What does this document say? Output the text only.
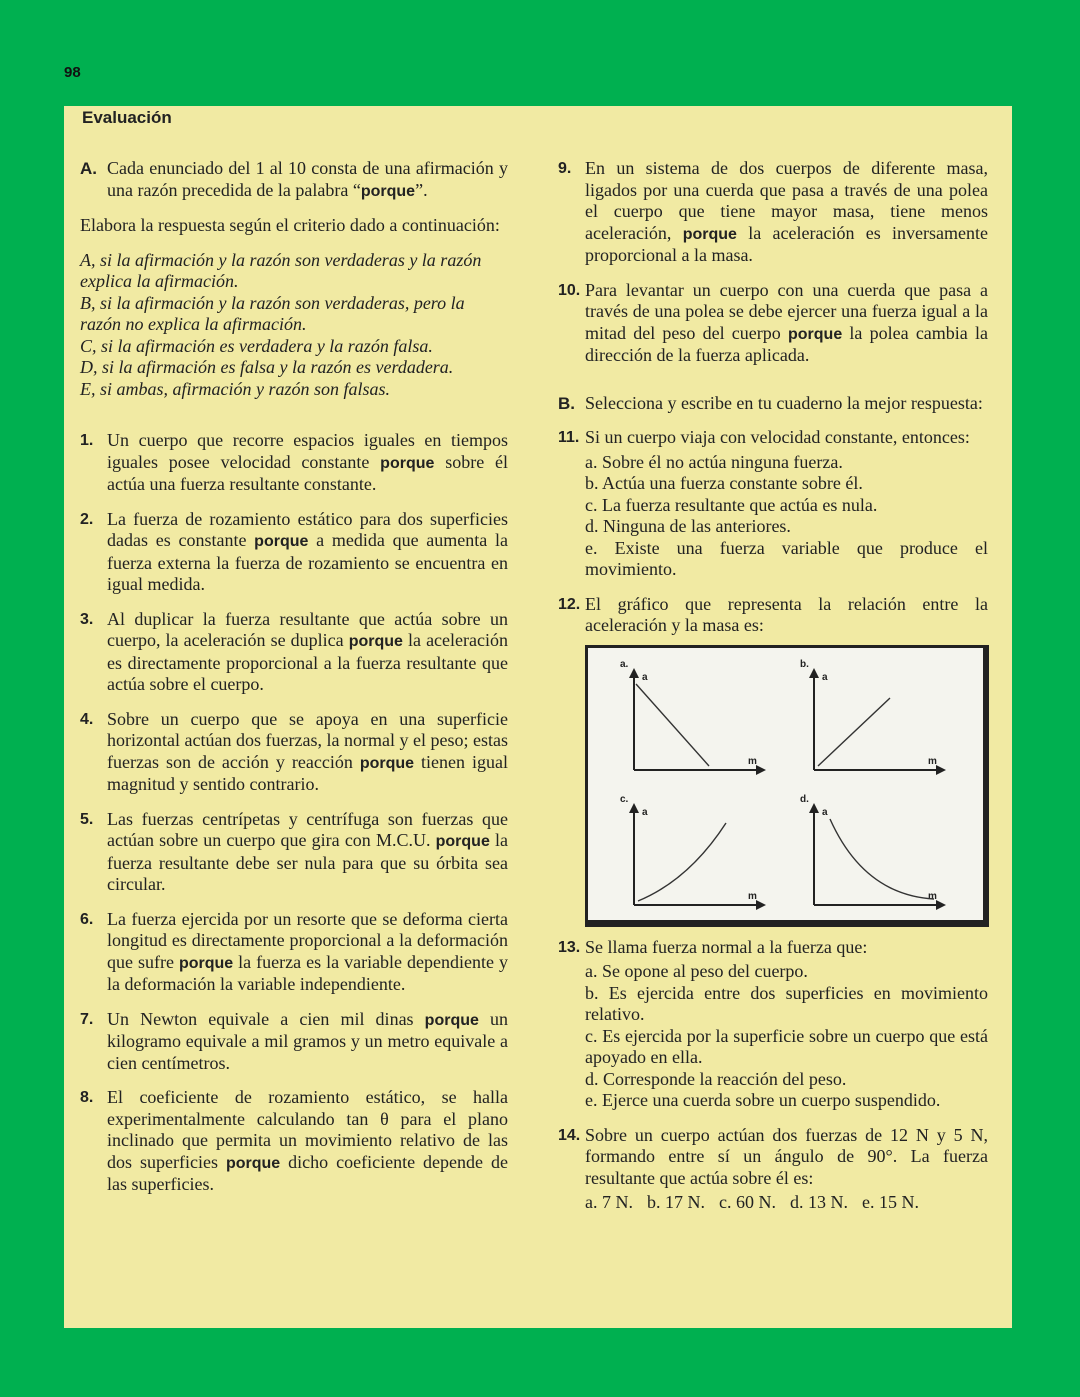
98
Evaluación
A. Cada enunciado del 1 al 10 consta de una afirmación y una razón precedida de la palabra “porque”.
Elabora la respuesta según el criterio dado a continuación:
A, si la afirmación y la razón son verdaderas y la razón explica la afirmación.
B, si la afirmación y la razón son verdaderas, pero la razón no explica la afirmación.
C, si la afirmación es verdadera y la razón falsa.
D, si la afirmación es falsa y la razón es verdadera.
E, si ambas, afirmación y razón son falsas.
1. Un cuerpo que recorre espacios iguales en tiempos iguales posee velocidad constante porque sobre él actúa una fuerza resultante constante.
2. La fuerza de rozamiento estático para dos superficies dadas es constante porque a medida que aumenta la fuerza externa la fuerza de rozamiento se encuentra en igual medida.
3. Al duplicar la fuerza resultante que actúa sobre un cuerpo, la aceleración se duplica porque la aceleración es directamente proporcional a la fuerza resultante que actúa sobre el cuerpo.
4. Sobre un cuerpo que se apoya en una superficie horizontal actúan dos fuerzas, la normal y el peso; estas fuerzas son de acción y reacción porque tienen igual magnitud y sentido contrario.
5. Las fuerzas centrípetas y centrífuga son fuerzas que actúan sobre un cuerpo que gira con M.C.U. porque la fuerza resultante debe ser nula para que su órbita sea circular.
6. La fuerza ejercida por un resorte que se deforma cierta longitud es directamente proporcional a la deformación que sufre porque la fuerza es la variable dependiente y la deformación la variable independiente.
7. Un Newton equivale a cien mil dinas porque un kilogramo equivale a mil gramos y un metro equivale a cien centímetros.
8. El coeficiente de rozamiento estático, se halla experimentalmente calculando tan θ para el plano inclinado que permita un movimiento relativo de las dos superficies porque dicho coeficiente depende de las superficies.
9. En un sistema de dos cuerpos de diferente masa, ligados por una cuerda que pasa a través de una polea el cuerpo que tiene mayor masa, tiene menos aceleración, porque la aceleración es inversamente proporcional a la masa.
10. Para levantar un cuerpo con una cuerda que pasa a través de una polea se debe ejercer una fuerza igual a la mitad del peso del cuerpo porque la polea cambia la dirección de la fuerza aplicada.
B. Selecciona y escribe en tu cuaderno la mejor respuesta:
11. Si un cuerpo viaja con velocidad constante, entonces:
a. Sobre él no actúa ninguna fuerza.
b. Actúa una fuerza constante sobre él.
c. La fuerza resultante que actúa es nula.
d. Ninguna de las anteriores.
e. Existe una fuerza variable que produce el movimiento.
12. El gráfico que representa la relación entre la aceleración y la masa es:
a.
a
m
b.
a
m
c.
a
m
d.
a
m
13. Se llama fuerza normal a la fuerza que:
a. Se opone al peso del cuerpo.
b. Es ejercida entre dos superficies en movimiento relativo.
c. Es ejercida por la superficie sobre un cuerpo que está apoyado en ella.
d. Corresponde la reacción del peso.
e. Ejerce una cuerda sobre un cuerpo suspendido.
14. Sobre un cuerpo actúan dos fuerzas de 12 N y 5 N, formando entre sí un ángulo de 90°. La fuerza resultante que actúa sobre él es:
a. 7 N. b. 17 N. c. 60 N. d. 13 N. e. 15 N.
